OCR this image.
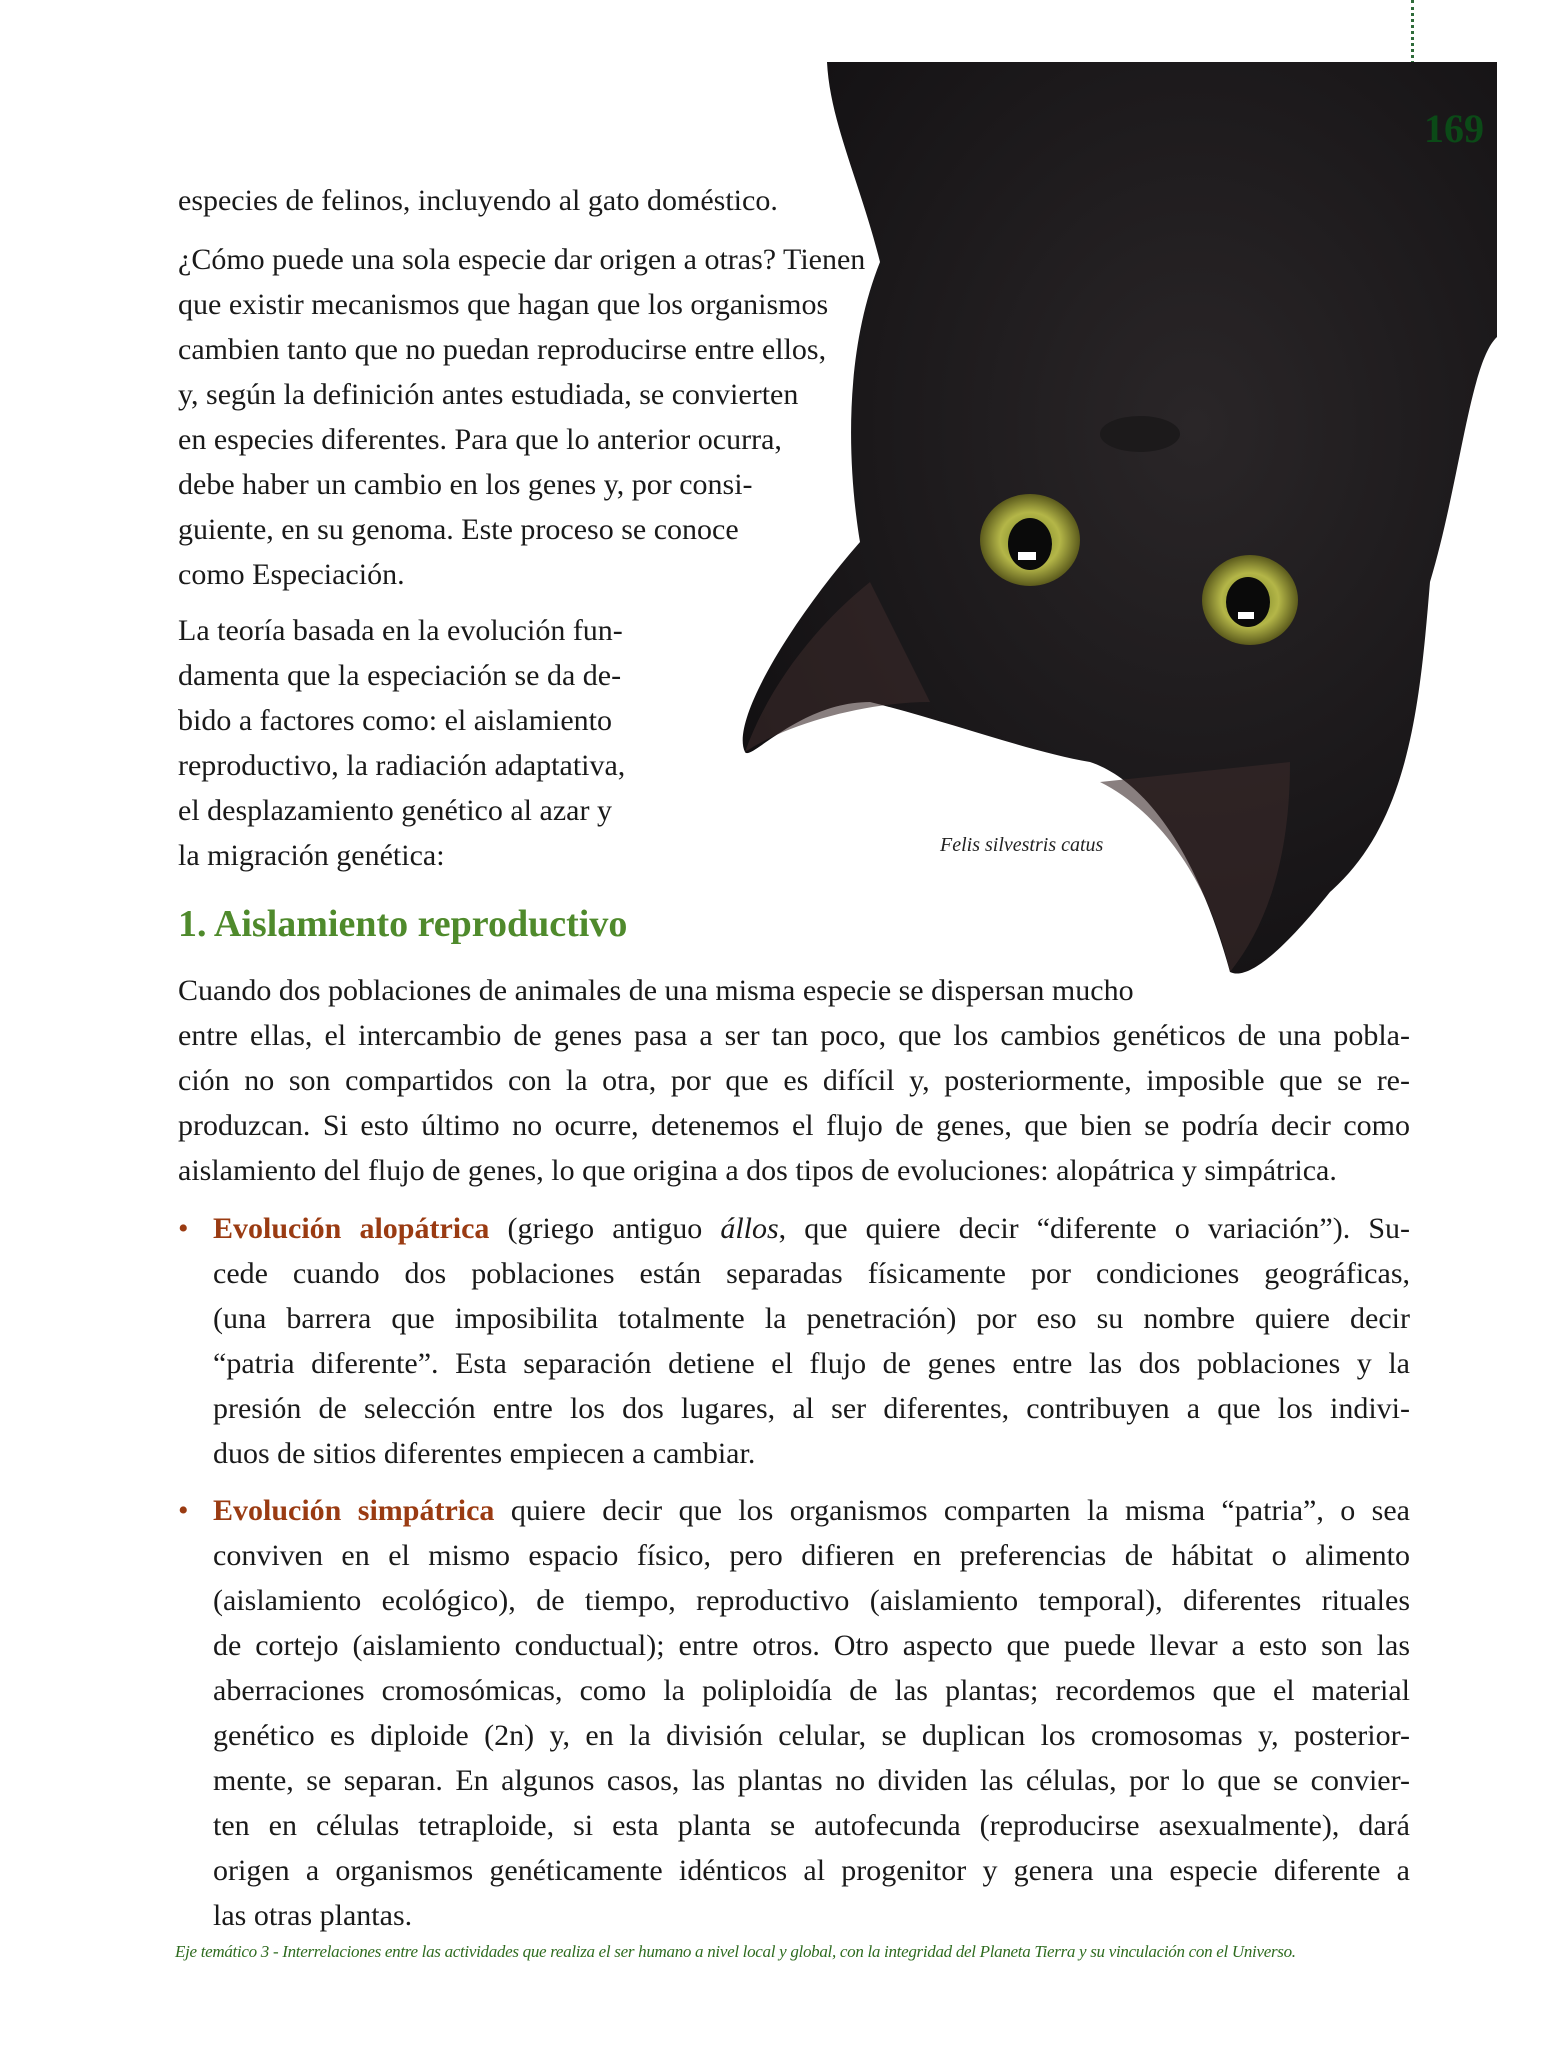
169
Felis silvestris catus
especies de felinos, incluyendo al gato doméstico.
¿Cómo puede una sola especie dar origen a otras? Tienen
que existir mecanismos que hagan que los organismos
cambien tanto que no puedan reproducirse entre ellos,
y, según la definición antes estudiada, se convierten
en especies diferentes. Para que lo anterior ocurra,
debe haber un cambio en los genes y, por consi-
guiente, en su genoma. Este proceso se conoce
como Especiación.
La teoría basada en la evolución fun-
damenta que la especiación se da de-
bido a factores como: el aislamiento
reproductivo, la radiación adaptativa,
el desplazamiento genético al azar y
la migración genética:
1. Aislamiento reproductivo
Cuando dos poblaciones de animales de una misma especie se dispersan mucho
entre ellas, el intercambio de genes pasa a ser tan poco, que los cambios genéticos de una pobla-
ción no son compartidos con la otra, por que es difícil y, posteriormente, imposible que se re-
produzcan. Si esto último no ocurre, detenemos el flujo de genes, que bien se podría decir como
aislamiento del flujo de genes, lo que origina a dos tipos de evoluciones: alopátrica y simpátrica.
• Evolución alopátrica (griego antiguo állos, que quiere decir “diferente o variación”). Su-
cede cuando dos poblaciones están separadas físicamente por condiciones geográficas,
(una barrera que imposibilita totalmente la penetración) por eso su nombre quiere decir
“patria diferente”. Esta separación detiene el flujo de genes entre las dos poblaciones y la
presión de selección entre los dos lugares, al ser diferentes, contribuyen a que los indivi-
duos de sitios diferentes empiecen a cambiar.
• Evolución simpátrica quiere decir que los organismos comparten la misma “patria”, o sea
conviven en el mismo espacio físico, pero difieren en preferencias de hábitat o alimento
(aislamiento ecológico), de tiempo, reproductivo (aislamiento temporal), diferentes rituales
de cortejo (aislamiento conductual); entre otros. Otro aspecto que puede llevar a esto son las
aberraciones cromosómicas, como la poliploidía de las plantas; recordemos que el material
genético es diploide (2n) y, en la división celular, se duplican los cromosomas y, posterior-
mente, se separan. En algunos casos, las plantas no dividen las células, por lo que se convier-
ten en células tetraploide, si esta planta se autofecunda (reproducirse asexualmente), dará
origen a organismos genéticamente idénticos al progenitor y genera una especie diferente a
las otras plantas.
Eje temático 3 - Interrelaciones entre las actividades que realiza el ser humano a nivel local y global, con la integridad del Planeta Tierra y su vinculación con el Universo.
